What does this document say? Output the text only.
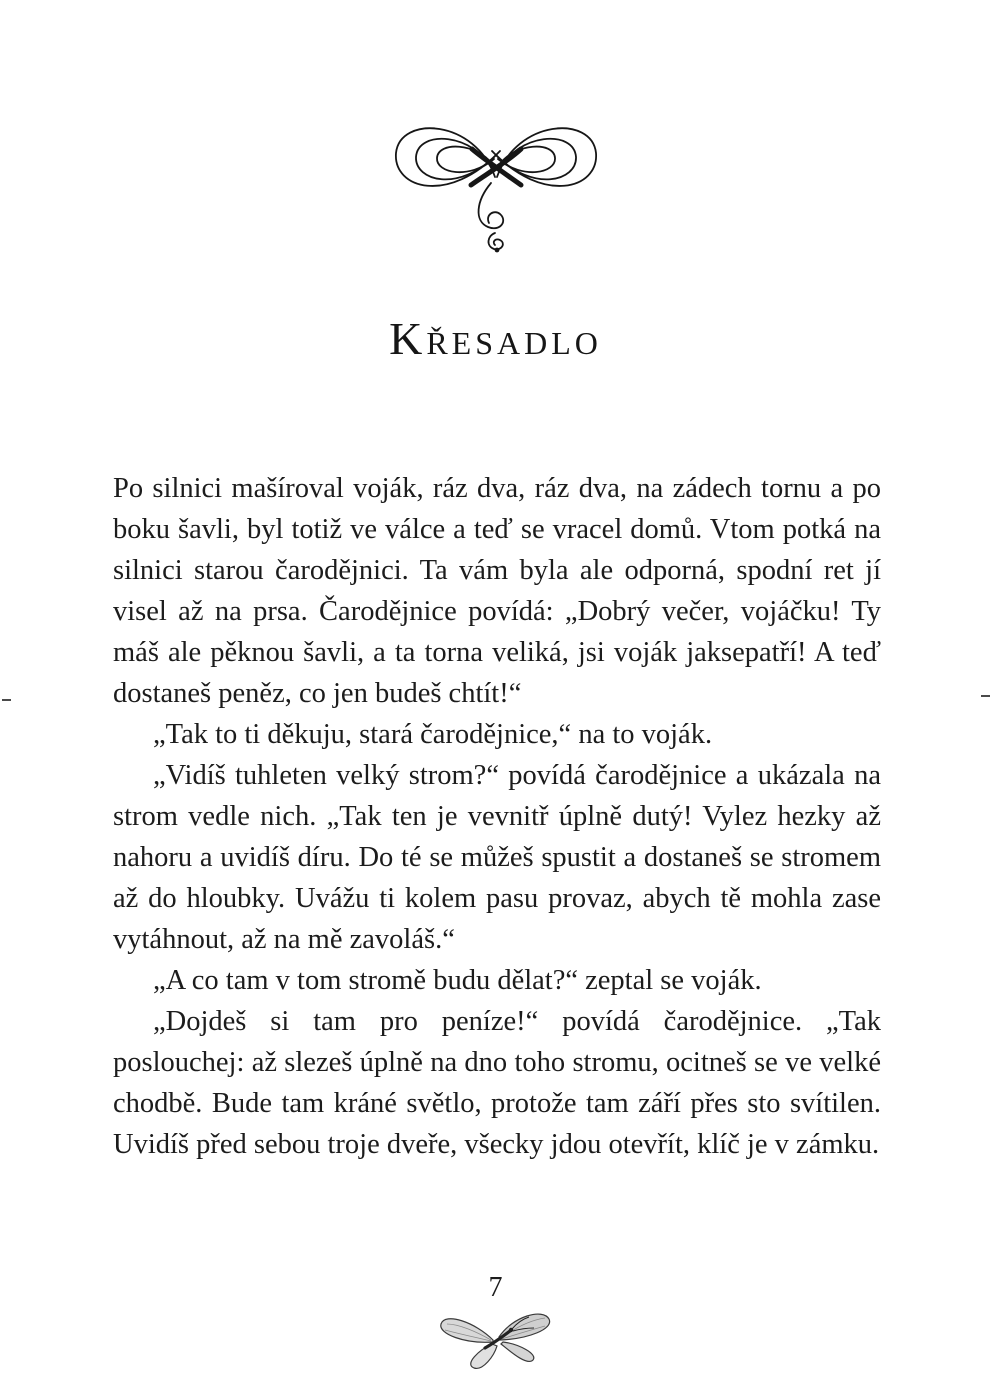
Křesadlo

Po silnici mašíroval voják, ráz dva, ráz dva, na zádech tornu a po boku šavli, byl totiž ve válce a teď se vracel domů. Vtom potká na silnici starou čarodějnici. Ta vám byla ale odporná, spodní ret jí visel až na prsa. Čarodějnice povídá: „Dobrý večer, vojáčku! Ty máš ale pěknou šavli, a ta torna veliká, jsi voják jaksepatří! A teď dostaneš peněz, co jen budeš chtít!“

„Tak to ti děkuju, stará čarodějnice,“ na to voják.

„Vidíš tuhleten velký strom?“ povídá čarodějnice a ukázala na strom vedle nich. „Tak ten je vevnitř úplně dutý! Vylez hezky až nahoru a uvidíš díru. Do té se můžeš spustit a dostaneš se stromem až do hloubky. Uvážu ti kolem pasu provaz, abych tě mohla zase vytáhnout, až na mě zavoláš.“

„A co tam v tom stromě budu dělat?“ zeptal se voják.

„Dojdeš si tam pro peníze!“ povídá čarodějnice. „Tak poslouchej: až slezeš úplně na dno toho stromu, ocitneš se ve velké chodbě. Bude tam kráné světlo, protože tam září přes sto svítilen. Uvidíš před sebou troje dveře, všecky jdou otevřít, klíč je v zámku.

7
